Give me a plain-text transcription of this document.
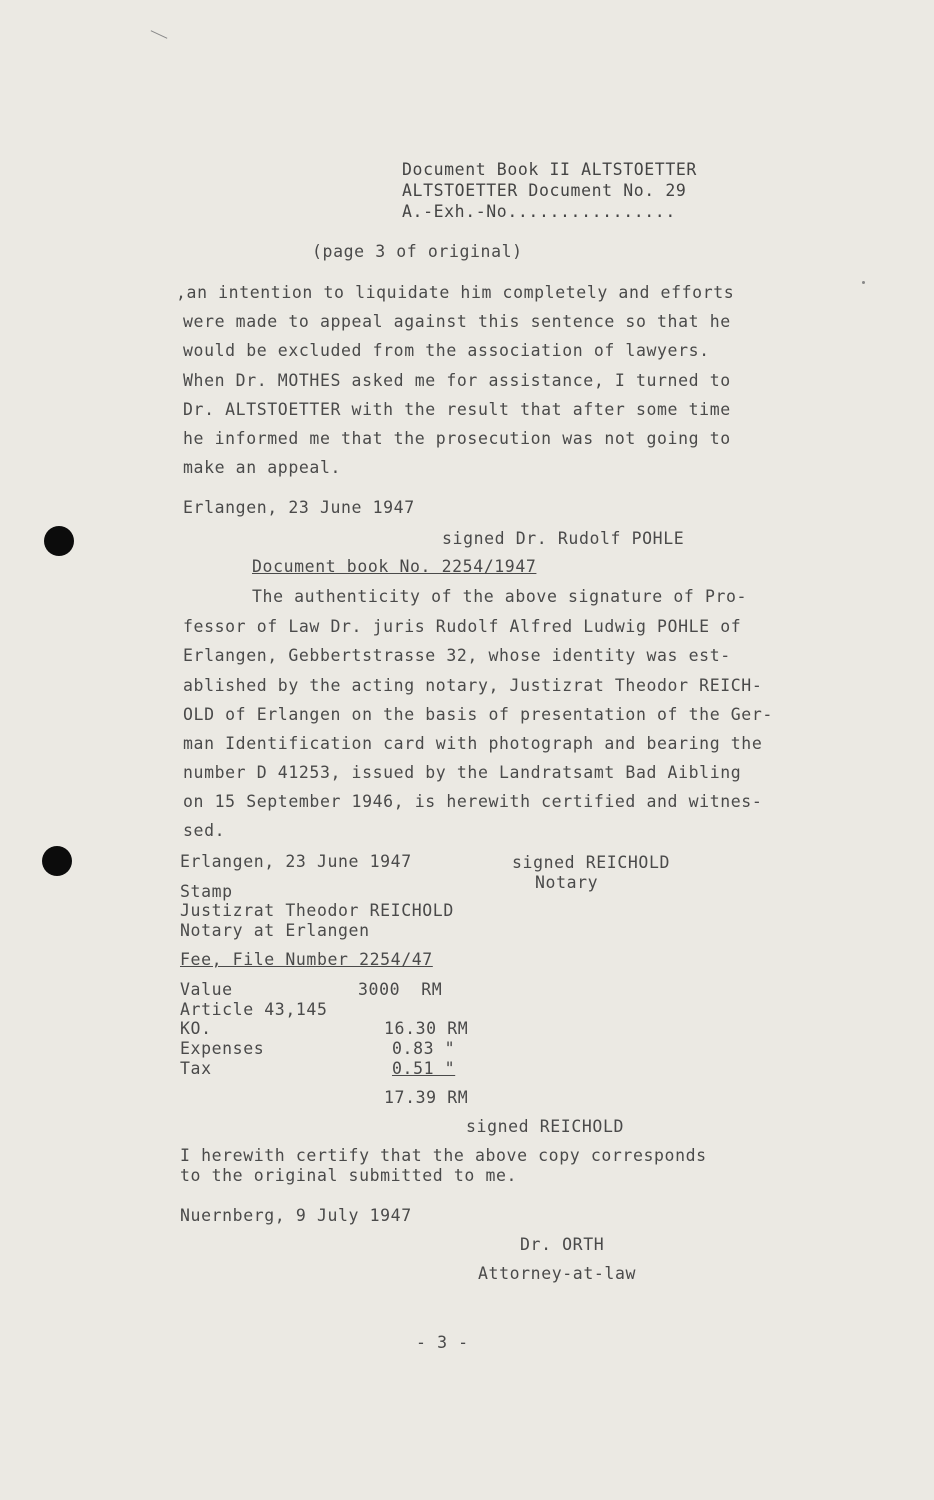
Document Book II ALTSTOETTER
ALTSTOETTER Document No. 29
A.-Exh.-No................
(page 3 of original)
,an intention to liquidate him completely and efforts
were made to appeal against this sentence so that he
would be excluded from the association of lawyers.
When Dr. MOTHES asked me for assistance, I turned to
Dr. ALTSTOETTER with the result that after some time
he informed me that the prosecution was not going to
make an appeal.
Erlangen, 23 June 1947
signed Dr. Rudolf POHLE
Document book No. 2254/1947
The authenticity of the above signature of Pro-
fessor of Law Dr. juris Rudolf Alfred Ludwig POHLE of
Erlangen, Gebbertstrasse 32, whose identity was est-
ablished by the acting notary, Justizrat Theodor REICH-
OLD of Erlangen on the basis of presentation of the Ger-
man Identification card with photograph and bearing the
number D 41253, issued by the Landratsamt Bad Aibling
on 15 September 1946, is herewith certified and witnes-
sed.
Erlangen, 23 June 1947	signed REICHOLD
Notary
Stamp
Justizrat Theodor REICHOLD
Notary at Erlangen
Fee, File Number 2254/47
Value	3000  RM
Article 43,145
KO.	16.30 RM
Expenses	0.83 "
Tax	0.51 "
17.39 RM
signed REICHOLD
I herewith certify that the above copy corresponds
to the original submitted to me.
Nuernberg, 9 July 1947
Dr. ORTH
Attorney-at-law
- 3 -
